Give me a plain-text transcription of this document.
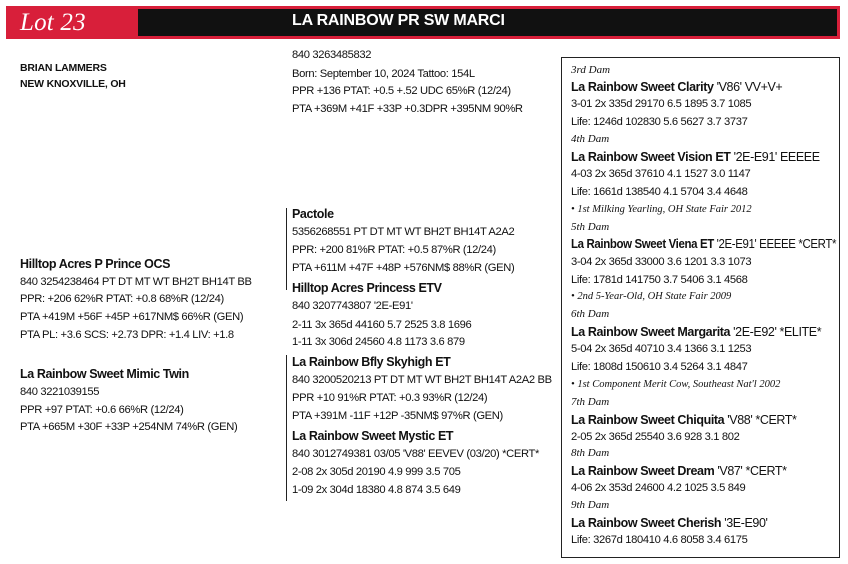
Lot 23	LA RAINBOW PR SW MARCI
BRIAN LAMMERS
NEW KNOXVILLE, OH
840 3263485832
Born: September 10, 2024 Tattoo: 154L
PPR +136 PTAT: +0.5 +.52 UDC 65%R (12/24)
PTA +369M +41F +33P +0.3DPR +395NM 90%R
Hilltop Acres P Prince OCS
840 3254238464 PT DT MT WT BH2T BH14T BB
PPR: +206 62%R PTAT: +0.8 68%R (12/24)
PTA +419M +56F +45P +617NM$ 66%R (GEN)
PTA PL: +3.6 SCS: +2.73 DPR: +1.4 LIV: +1.8
La Rainbow Sweet Mimic Twin
840 3221039155
PPR +97 PTAT: +0.6 66%R (12/24)
PTA +665M +30F +33P +254NM 74%R (GEN)
Pactole
5356268551 PT DT MT WT BH2T BH14T A2A2
PPR: +200 81%R PTAT: +0.5 87%R (12/24)
PTA +611M +47F +48P +576NM$ 88%R (GEN)
Hilltop Acres Princess ETV
840 3207743807 '2E-E91'
2-11 3x 365d 44160 5.7 2525 3.8 1696
1-11 3x 306d 24560 4.8 1173 3.6 879
La Rainbow Bfly Skyhigh ET
840 3200520213 PT DT MT WT BH2T BH14T A2A2 BB
PPR +10 91%R PTAT: +0.3 93%R (12/24)
PTA +391M -11F +12P -35NM$ 97%R (GEN)
La Rainbow Sweet Mystic ET
840 3012749381 03/05 'V88' EEVEV (03/20) *CERT*
2-08 2x 305d 20190 4.9 999 3.5 705
1-09 2x 304d 18380 4.8 874 3.5 649
3rd Dam
La Rainbow Sweet Clarity 'V86' VV+V+
3-01 2x 335d 29170 6.5 1895 3.7 1085
Life: 1246d 102830 5.6 5627 3.7 3737
4th Dam
La Rainbow Sweet Vision ET '2E-E91' EEEEE
4-03 2x 365d 37610 4.1 1527 3.0 1147
Life: 1661d 138540 4.1 5704 3.4 4648
• 1st Milking Yearling, OH State Fair 2012
5th Dam
La Rainbow Sweet Viena ET '2E-E91' EEEEE *CERT*
3-04 2x 365d 33000 3.6 1201 3.3 1073
Life: 1781d 141750 3.7 5406 3.1 4568
• 2nd 5-Year-Old, OH State Fair 2009
6th Dam
La Rainbow Sweet Margarita '2E-E92' *ELITE*
5-04 2x 365d 40710 3.4 1366 3.1 1253
Life: 1808d 150610 3.4 5264 3.1 4847
• 1st Component Merit Cow, Southeast Nat'l 2002
7th Dam
La Rainbow Sweet Chiquita 'V88' *CERT*
2-05 2x 365d 25540 3.6 928 3.1 802
8th Dam
La Rainbow Sweet Dream 'V87' *CERT*
4-06 2x 353d 24600 4.2 1025 3.5 849
9th Dam
La Rainbow Sweet Cherish '3E-E90'
Life: 3267d 180410 4.6 8058 3.4 6175
